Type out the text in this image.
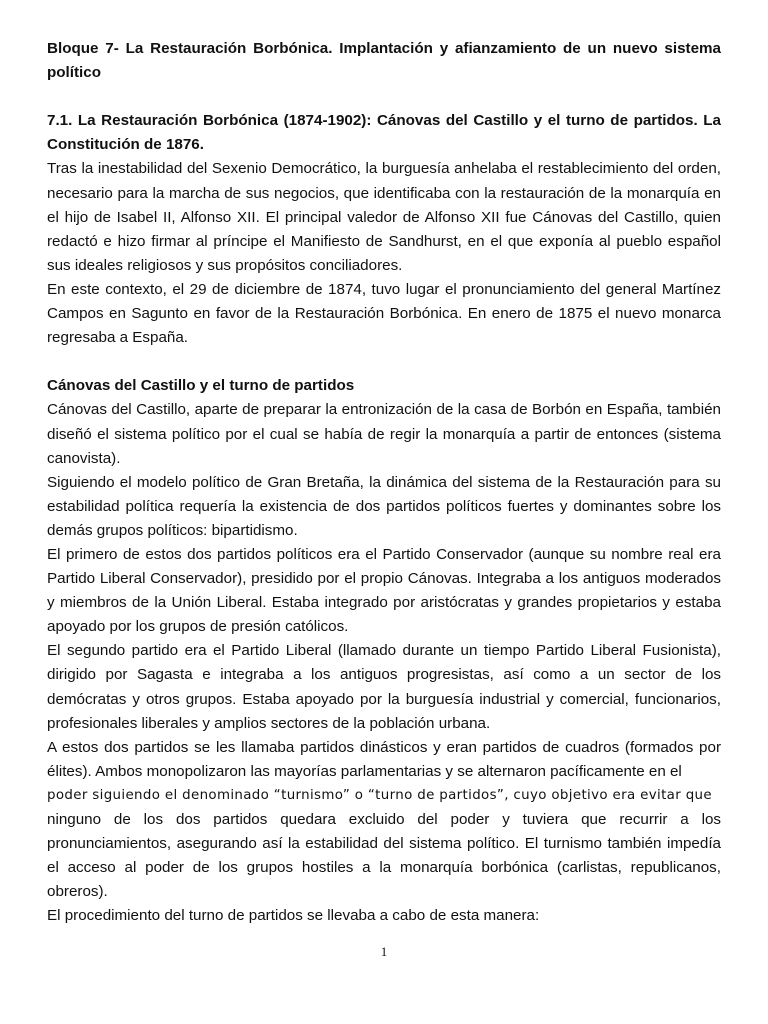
Bloque 7- La Restauración Borbónica. Implantación y afianzamiento de un nuevo sistema político

7.1. La Restauración Borbónica (1874-1902): Cánovas del Castillo y el turno de partidos. La Constitución de 1876.

Tras la inestabilidad del Sexenio Democrático, la burguesía anhelaba el restablecimiento del orden, necesario para la marcha de sus negocios, que identificaba con la restauración de la monarquía en el hijo de Isabel II, Alfonso XII. El principal valedor de Alfonso XII fue Cánovas del Castillo, quien redactó e hizo firmar al príncipe el Manifiesto de Sandhurst, en el que exponía al pueblo español sus ideales religiosos y sus propósitos conciliadores.

En este contexto, el 29 de diciembre de 1874, tuvo lugar el pronunciamiento del general Martínez Campos en Sagunto en favor de la Restauración Borbónica. En enero de 1875 el nuevo monarca regresaba a España.

Cánovas del Castillo y el turno de partidos

Cánovas del Castillo, aparte de preparar la entronización de la casa de Borbón en España, también diseñó el sistema político por el cual se había de regir la monarquía a partir de entonces (sistema canovista).

Siguiendo el modelo político de Gran Bretaña, la dinámica del sistema de la Restauración para su estabilidad política requería la existencia de dos partidos políticos fuertes y dominantes sobre los demás grupos políticos: bipartidismo.

El primero de estos dos partidos políticos era el Partido Conservador (aunque su nombre real era Partido Liberal Conservador), presidido por el propio Cánovas. Integraba a los antiguos moderados y miembros de la Unión Liberal. Estaba integrado por aristócratas y grandes propietarios y estaba apoyado por los grupos de presión católicos.

El segundo partido era el Partido Liberal (llamado durante un tiempo Partido Liberal Fusionista), dirigido por Sagasta e integraba a los antiguos progresistas, así como a un sector de los demócratas y otros grupos. Estaba apoyado por la burguesía industrial y comercial, funcionarios, profesionales liberales y amplios sectores de la población urbana.

A estos dos partidos se les llamaba partidos dinásticos y eran partidos de cuadros (formados por élites). Ambos monopolizaron las mayorías parlamentarias y se alternaron pacíficamente en el

poder siguiendo el denominado “turnismo” o “turno de partidos”, cuyo objetivo era evitar que

ninguno de los dos partidos quedara excluido del poder y tuviera que recurrir a los pronunciamientos, asegurando así la estabilidad del sistema político. El turnismo también impedía el acceso al poder de los grupos hostiles a la monarquía borbónica (carlistas, republicanos, obreros).

El procedimiento del turno de partidos se llevaba a cabo de esta manera:

1
